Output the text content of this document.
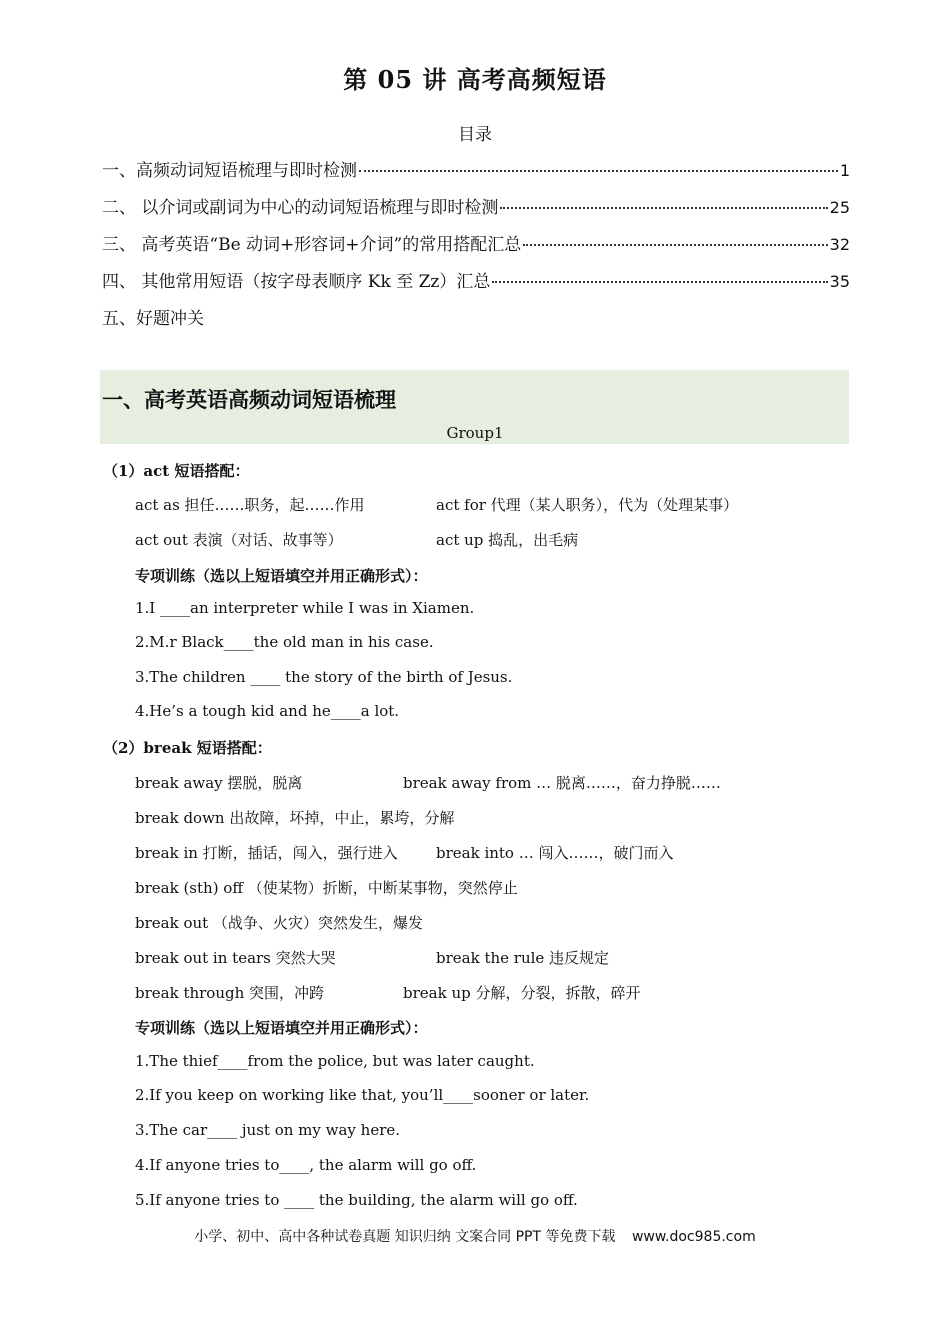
第 05 讲 高考高频短语
目录
一、高频动词短语梳理与即时检测	1
二、 以介词或副词为中心的动词短语梳理与即时检测	25
三、 高考英语“Be 动词+形容词+介词”的常用搭配汇总	32
四、 其他常用短语（按字母表顺序 Kk 至 Zz）汇总	35
五、好题冲关
一、高考英语高频动词短语梳理
Group1
（1）act 短语搭配：
act as 担任……职务，起……作用	act for 代理（某人职务），代为（处理某事）
act out 表演（对话、故事等）	act up 捣乱，出毛病
专项训练（选以上短语填空并用正确形式）：
1.I ____an interpreter while I was in Xiamen.
2.M.r Black____the old man in his case.
3.The children ____ the story of the birth of Jesus.
4.He’s a tough kid and he____a lot.
（2）break 短语搭配：
break away 摆脱，脱离	break away from … 脱离……，奋力挣脱……
break down 出故障，坏掉，中止，累垮，分解
break in 打断，插话，闯入，强行进入	break into … 闯入……，破门而入
break (sth) off （使某物）折断，中断某事物，突然停止
break out （战争、火灾）突然发生，爆发
break out in tears 突然大哭	break the rule 违反规定
break through 突围，冲跨	break up 分解，分裂，拆散，碎开
专项训练（选以上短语填空并用正确形式）：
1.The thief____from the police, but was later caught.
2.If you keep on working like that, you’ll____sooner or later.
3.The car____ just on my way here.
4.If anyone tries to____, the alarm will go off.
5.If anyone tries to ____ the building, the alarm will go off.
小学、初中、高中各种试卷真题 知识归纳 文案合同 PPT 等免费下载 www.doc985.com
